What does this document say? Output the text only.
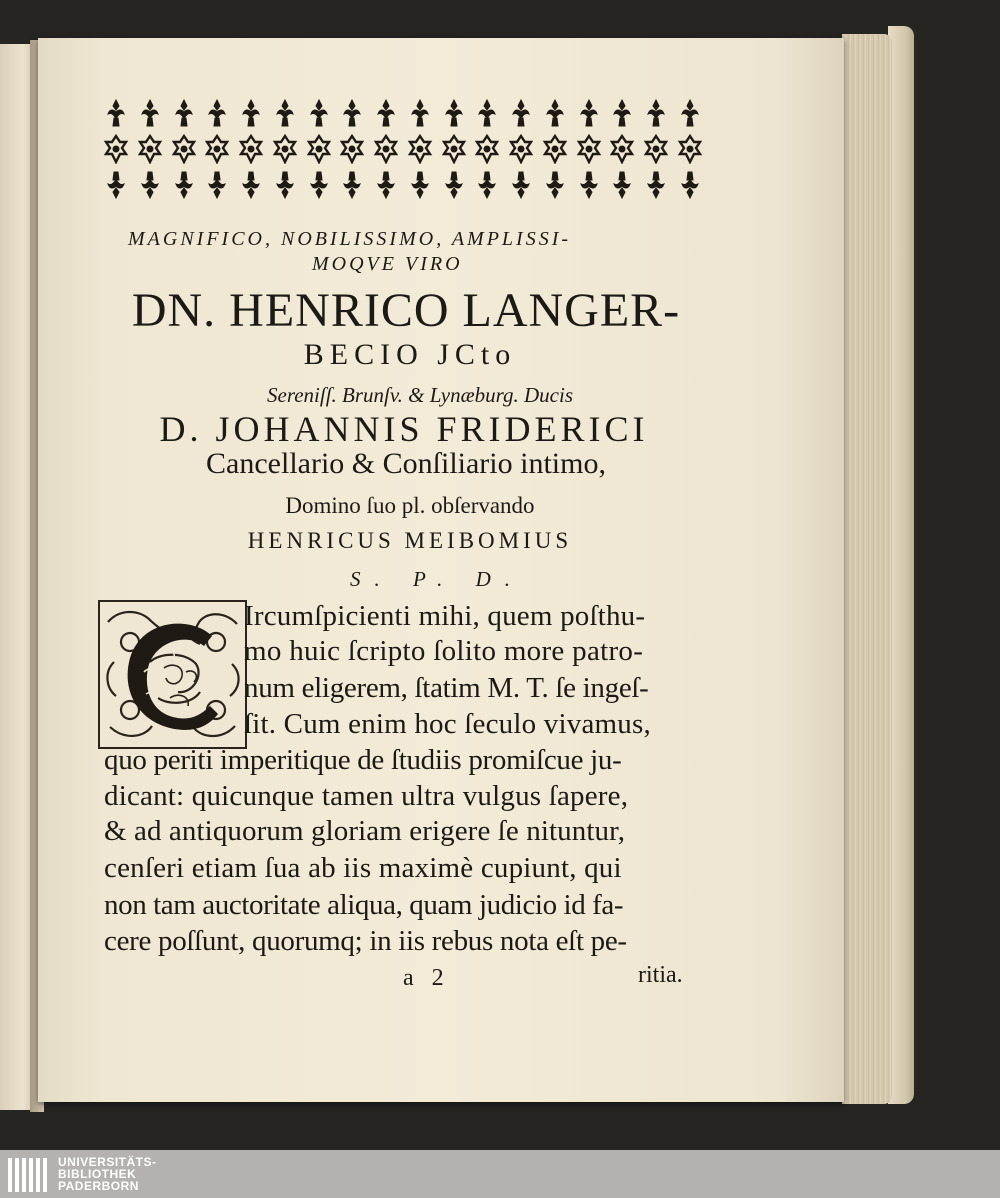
MAGNIFICO, NOBILISSIMO, AMPLISSI-
MOQVE VIRO
DN. HENRICO LANGER-
BECIO JCto
Sereniſſ. Brunſv. & Lynæburg. Ducis
D. JOHANNIS FRIDERICI
Cancellario & Conſiliario intimo,
Domino ſuo pl. obſervando
HENRICUS MEIBOMIUS
S. P. D.
Ircumſpicienti mihi, quem poſthu-
mo huic ſcripto ſolito more patro-
num eligerem, ſtatim M. T. ſe ingeſ-
ſit. Cum enim hoc ſeculo vivamus,
quo periti imperitique de ſtudiis promiſcue ju-
dicant: quicunque tamen ultra vulgus ſapere,
& ad antiquorum gloriam erigere ſe nituntur,
cenſeri etiam ſua ab iis maximè cupiunt, qui
non tam auctoritate aliqua, quam judicio id fa-
cere poſſunt, quorumq; in iis rebus nota eſt pe-
a 2	ritia.
UNIVERSITÄTS-
BIBLIOTHEK
PADERBORN
